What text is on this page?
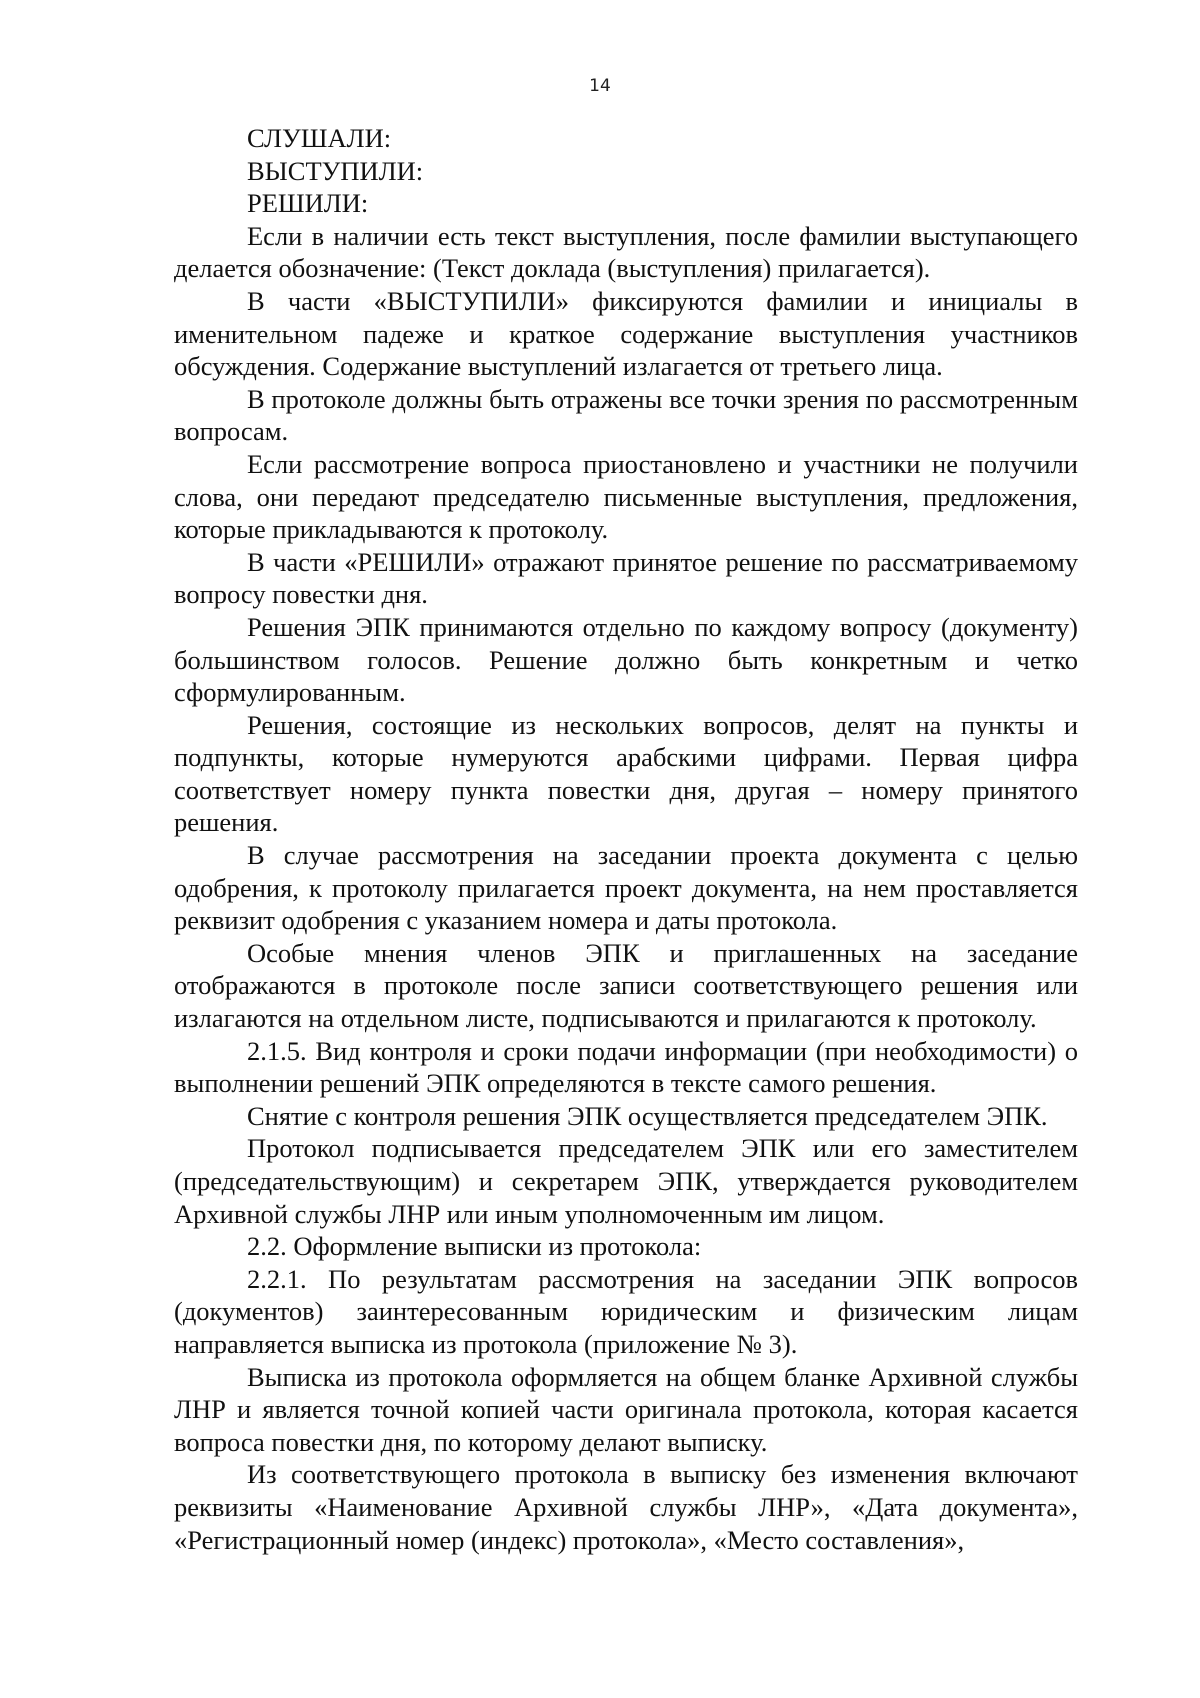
14

СЛУШАЛИ:

ВЫСТУПИЛИ:

РЕШИЛИ:

Если в наличии есть текст выступления, после фамилии выступающего делается обозначение: (Текст доклада (выступления) прилагается).

В части «ВЫСТУПИЛИ» фиксируются фамилии и инициалы в именительном падеже и краткое содержание выступления участников обсуждения. Содержание выступлений излагается от третьего лица.

В протоколе должны быть отражены все точки зрения по рассмотренным вопросам.

Если рассмотрение вопроса приостановлено и участники не получили слова, они передают председателю письменные выступления, предложения, которые прикладываются к протоколу.

В части «РЕШИЛИ» отражают принятое решение по рассматриваемому вопросу повестки дня.

Решения ЭПК принимаются отдельно по каждому вопросу (документу) большинством голосов. Решение должно быть конкретным и четко сформулированным.

Решения, состоящие из нескольких вопросов, делят на пункты и подпункты, которые нумеруются арабскими цифрами. Первая цифра соответствует номеру пункта повестки дня, другая – номеру принятого решения.

В случае рассмотрения на заседании проекта документа с целью одобрения, к протоколу прилагается проект документа, на нем проставляется реквизит одобрения с указанием номера и даты протокола.

Особые мнения членов ЭПК и приглашенных на заседание отображаются в протоколе после записи соответствующего решения или излагаются на отдельном листе, подписываются и прилагаются к протоколу.

2.1.5. Вид контроля и сроки подачи информации (при необходимости) о выполнении решений ЭПК определяются в тексте самого решения.

Снятие с контроля решения ЭПК осуществляется председателем ЭПК.

Протокол подписывается председателем ЭПК или его заместителем (председательствующим) и секретарем ЭПК, утверждается руководителем Архивной службы ЛНР или иным уполномоченным им лицом.

2.2. Оформление выписки из протокола:

2.2.1. По результатам рассмотрения на заседании ЭПК вопросов (документов) заинтересованным юридическим и физическим лицам направляется выписка из протокола (приложение № 3).

Выписка из протокола оформляется на общем бланке Архивной службы ЛНР и является точной копией части оригинала протокола, которая касается вопроса повестки дня, по которому делают выписку.

Из соответствующего протокола в выписку без изменения включают реквизиты «Наименование Архивной службы ЛНР», «Дата документа», «Регистрационный номер (индекс) протокола», «Место составления»,
